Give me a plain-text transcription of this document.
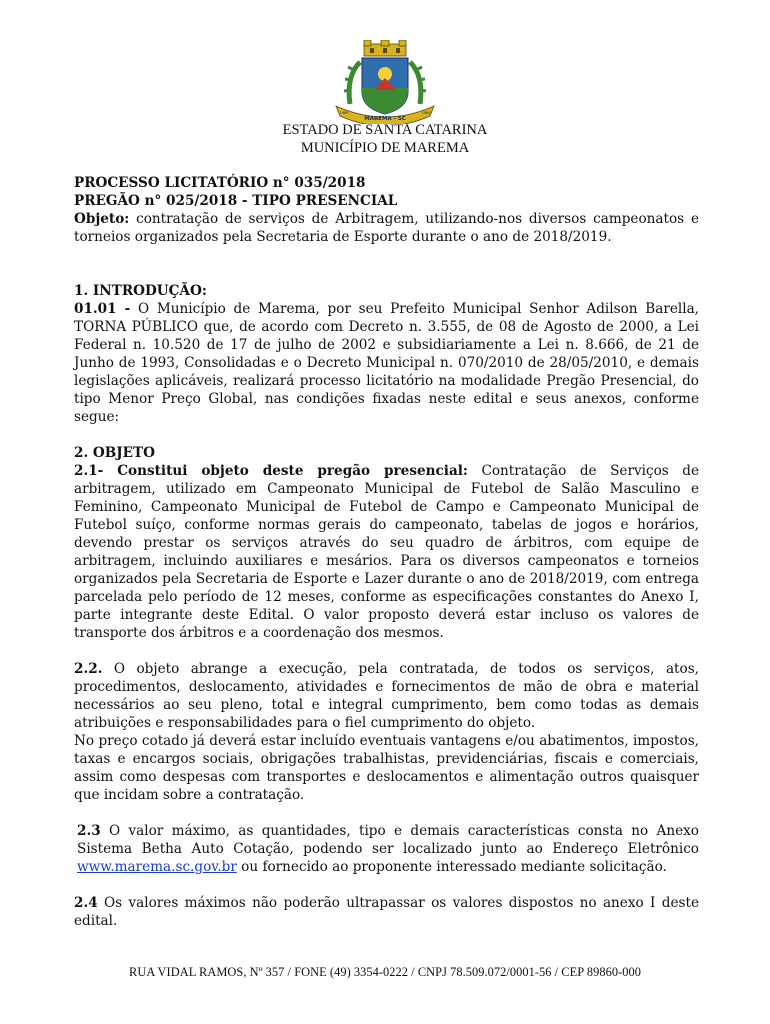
MAREMA - SC
1989	1989
ESTADO DE SANTA CATARINA
MUNICÍPIO DE MAREMA

PROCESSO LICITATÓRIO n° 035/2018

PREGÃO n° 025/2018 - TIPO PRESENCIAL

Objeto: contratação de serviços de Arbitragem, utilizando-nos diversos campeonatos e torneios organizados pela Secretaria de Esporte durante o ano de 2018/2019.

1. INTRODUÇÃO:

01.01 - O Município de Marema, por seu Prefeito Municipal Senhor Adilson Barella, TORNA PÚBLICO que, de acordo com Decreto n. 3.555, de 08 de Agosto de 2000, a Lei Federal n. 10.520 de 17 de julho de 2002 e subsidiariamente a Lei n. 8.666, de 21 de Junho de 1993, Consolidadas e o Decreto Municipal n. 070/2010 de 28/05/2010, e demais legislações aplicáveis, realizará processo licitatório na modalidade Pregão Presencial, do tipo Menor Preço Global, nas condições fixadas neste edital e seus anexos, conforme segue:

2. OBJETO

2.1- Constitui objeto deste pregão presencial: Contratação de Serviços de arbitragem, utilizado em Campeonato Municipal de Futebol de Salão Masculino e Feminino, Campeonato Municipal de Futebol de Campo e Campeonato Municipal de Futebol suíço, conforme normas gerais do campeonato, tabelas de jogos e horários, devendo prestar os serviços através do seu quadro de árbitros, com equipe de arbitragem, incluindo auxiliares e mesários. Para os diversos campeonatos e torneios organizados pela Secretaria de Esporte e Lazer durante o ano de 2018/2019, com entrega parcelada pelo período de 12 meses, conforme as especificações constantes do Anexo I, parte integrante deste Edital. O valor proposto deverá estar incluso os valores de transporte dos árbitros e a coordenação dos mesmos.

2.2. O objeto abrange a execução, pela contratada, de todos os serviços, atos, procedimentos, deslocamento, atividades e fornecimentos de mão de obra e material necessários ao seu pleno, total e integral cumprimento, bem como todas as demais atribuições e responsabilidades para o fiel cumprimento do objeto.

No preço cotado já deverá estar incluído eventuais vantagens e/ou abatimentos, impostos, taxas e encargos sociais, obrigações trabalhistas, previdenciárias, fiscais e comerciais, assim como despesas com transportes e deslocamentos e alimentação outros quaisquer que incidam sobre a contratação.

2.3 O valor máximo, as quantidades, tipo e demais características consta no Anexo Sistema Betha Auto Cotação, podendo ser localizado junto ao Endereço Eletrônico www.marema.sc.gov.br ou fornecido ao proponente interessado mediante solicitação.

2.4 Os valores máximos não poderão ultrapassar os valores dispostos no anexo I deste edital.

RUA VIDAL RAMOS, Nº 357 / FONE (49) 3354-0222 / CNPJ 78.509.072/0001-56 / CEP 89860-000
